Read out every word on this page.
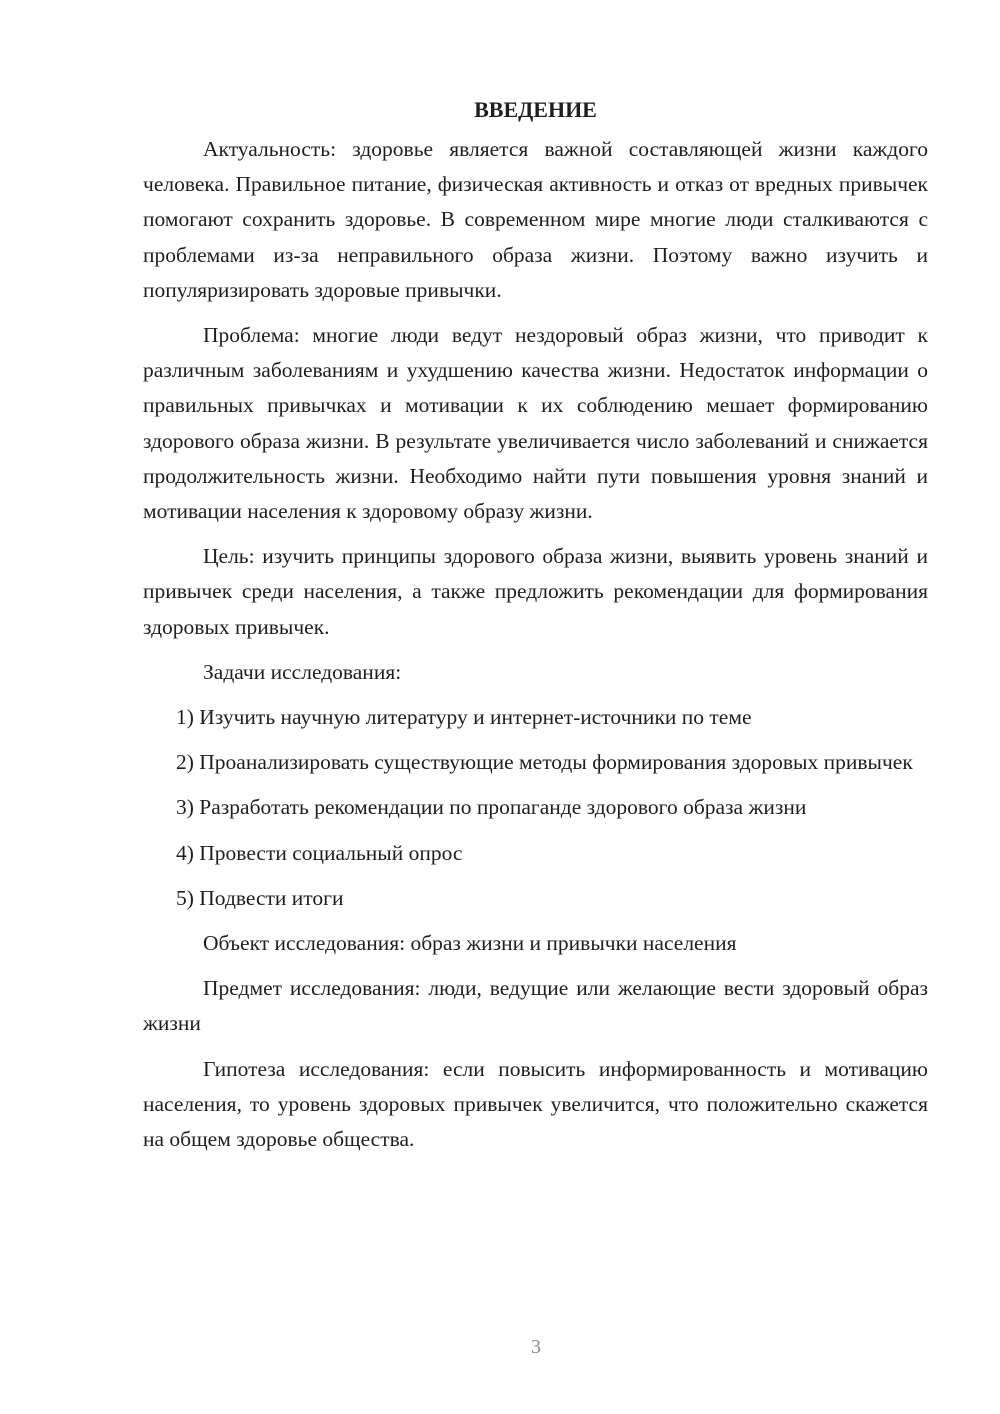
ВВЕДЕНИЕ

Актуальность: здоровье является важной составляющей жизни каждого человека. Правильное питание, физическая активность и отказ от вредных привычек помогают сохранить здоровье. В современном мире многие люди сталкиваются с проблемами из-за неправильного образа жизни. Поэтому важно изучить и популяризировать здоровые привычки.

Проблема: многие люди ведут нездоровый образ жизни, что приводит к различным заболеваниям и ухудшению качества жизни. Недостаток информации о правильных привычках и мотивации к их соблюдению мешает формированию здорового образа жизни. В результате увеличивается число заболеваний и снижается продолжительность жизни. Необходимо найти пути повышения уровня знаний и мотивации населения к здоровому образу жизни.

Цель: изучить принципы здорового образа жизни, выявить уровень знаний и привычек среди населения, а также предложить рекомендации для формирования здоровых привычек.

Задачи исследования:

1) Изучить научную литературу и интернет-источники по теме

2) Проанализировать существующие методы формирования здоровых привычек

3) Разработать рекомендации по пропаганде здорового образа жизни

4) Провести социальный опрос

5) Подвести итоги

Объект исследования: образ жизни и привычки населения

Предмет исследования: люди, ведущие или желающие вести здоровый образ жизни

Гипотеза исследования: если повысить информированность и мотивацию населения, то уровень здоровых привычек увеличится, что положительно скажется на общем здоровье общества.

3
